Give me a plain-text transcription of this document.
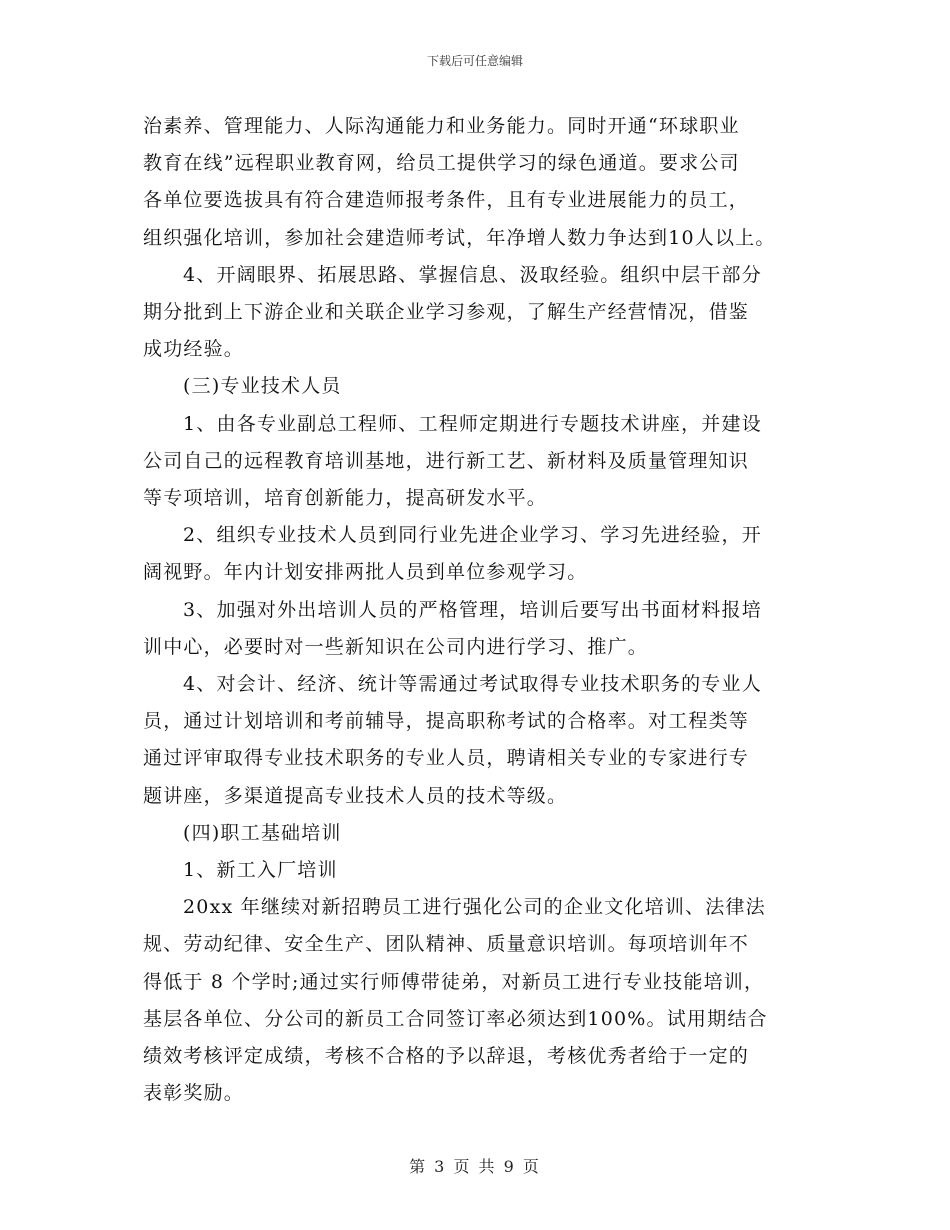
下载后可任意编辑

治素养、管理能力、人际沟通能力和业务能力。同时开通“环球职业
教育在线”远程职业教育网，给员工提供学习的绿色通道。要求公司
各单位要选拔具有符合建造师报考条件，且有专业进展能力的员工，
组织强化培训，参加社会建造师考试，年净增人数力争达到10人以上。
4、开阔眼界、拓展思路、掌握信息、汲取经验。组织中层干部分
期分批到上下游企业和关联企业学习参观，了解生产经营情况，借鉴
成功经验。
(三)专业技术人员
1、由各专业副总工程师、工程师定期进行专题技术讲座，并建设
公司自己的远程教育培训基地，进行新工艺、新材料及质量管理知识
等专项培训，培育创新能力，提高研发水平。
2、组织专业技术人员到同行业先进企业学习、学习先进经验，开
阔视野。年内计划安排两批人员到单位参观学习。
3、加强对外出培训人员的严格管理，培训后要写出书面材料报培
训中心，必要时对一些新知识在公司内进行学习、推广。
4、对会计、经济、统计等需通过考试取得专业技术职务的专业人
员，通过计划培训和考前辅导，提高职称考试的合格率。对工程类等
通过评审取得专业技术职务的专业人员，聘请相关专业的专家进行专
题讲座，多渠道提高专业技术人员的技术等级。
(四)职工基础培训
1、新工入厂培训
20xx 年继续对新招聘员工进行强化公司的企业文化培训、法律法
规、劳动纪律、安全生产、团队精神、质量意识培训。每项培训年不
得低于 8 个学时;通过实行师傅带徒弟，对新员工进行专业技能培训，
基层各单位、分公司的新员工合同签订率必须达到100%。试用期结合
绩效考核评定成绩，考核不合格的予以辞退，考核优秀者给于一定的
表彰奖励。

第 3 页 共 9 页
